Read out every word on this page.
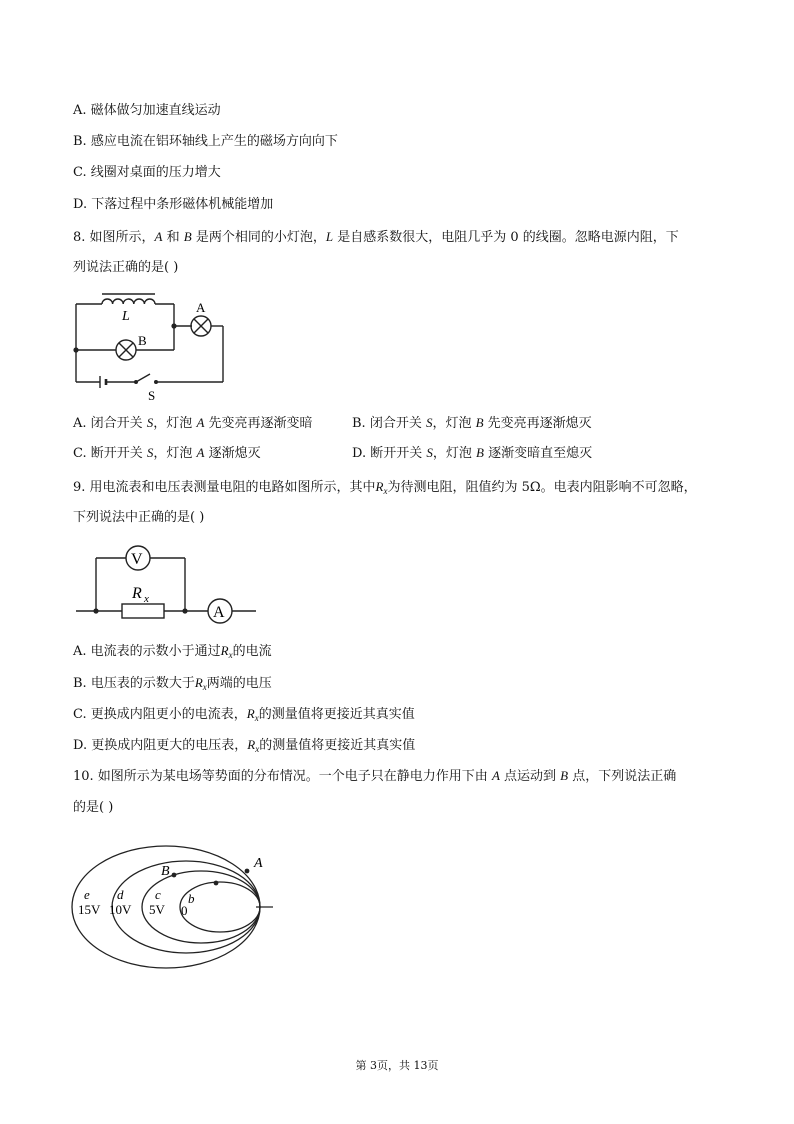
A. 磁体做匀加速直线运动
B. 感应电流在铝环轴线上产生的磁场方向向下
C. 线圈对桌面的压力增大
D. 下落过程中条形磁体机械能增加
8. 如图所示，A 和 B 是两个相同的小灯泡，L 是自感系数很大，电阻几乎为 0 的线圈。忽略电源内阻，下
列说法正确的是( )
L
A
B
S
A. 闭合开关 S，灯泡 A 先变亮再逐渐变暗	B. 闭合开关 S，灯泡 B 先变亮再逐渐熄灭
C. 断开开关 S，灯泡 A 逐渐熄灭	D. 断开开关 S，灯泡 B 逐渐变暗直至熄灭
9. 用电流表和电压表测量电阻的电路如图所示，其中$R_x$为待测电阻，阻值约为 5Ω。电表内阻影响不可忽略，
下列说法中正确的是( )
V
A
R x
A. 电流表的示数小于通过$R_x$的电流
B. 电压表的示数大于$R_x$两端的电压
C. 更换成内阻更小的电流表，$R_x$的测量值将更接近其真实值
D. 更换成内阻更大的电压表，$R_x$的测量值将更接近其真实值
10. 如图所示为某电场等势面的分布情况。一个电子只在静电力作用下由 A 点运动到 B 点，下列说法正确
的是( )
A
B
e
15V
d
10V
c
5V
b
0
第 3页，共 13页
